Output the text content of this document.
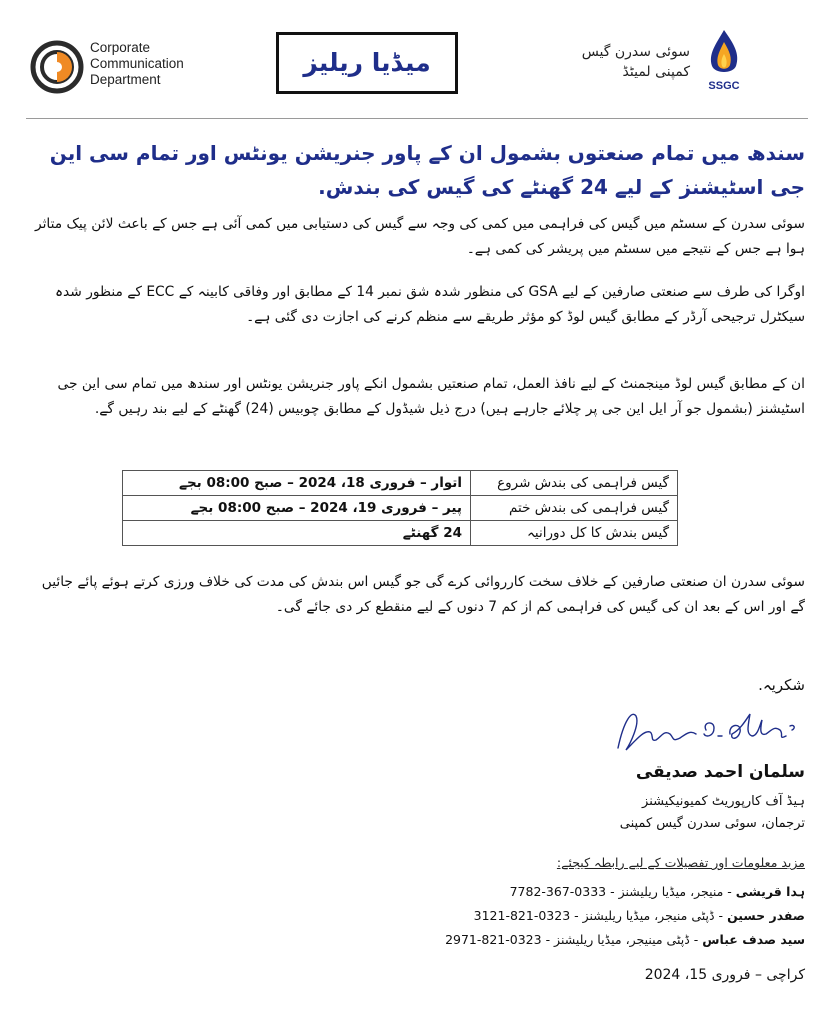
Corporate
Communication
Department
میڈیا ریلیز	سوئی سدرن گیس
کمپنی لمیٹڈ
SSGC
سندھ میں تمام صنعتوں بشمول ان کے پاور جنریشن یونٹس اور تمام سی این جی اسٹیشنز کے لیے 24 گھنٹے کی گیس کی بندش.
سوئی سدرن کے سسٹم میں گیس کی فراہمی میں کمی کی وجہ سے گیس کی دستیابی میں کمی آئی ہے جس کے باعث لائن پیک متاثر ہوا ہے جس کے نتیجے میں سسٹم میں پریشر کی کمی ہے۔
اوگرا کی طرف سے صنعتی صارفین کے لیے GSA کی منظور شدہ شق نمبر 14 کے مطابق اور وفاقی کابینہ کے ECC کے منظور شدہ سیکٹرل ترجیحی آرڈر کے مطابق گیس لوڈ کو مؤثر طریقے سے منظم کرنے کی اجازت دی گئی ہے۔
ان کے مطابق گیس لوڈ مینجمنٹ کے لیے نافذ العمل، تمام صنعتیں بشمول انکے پاور جنریشن یونٹس اور سندھ میں تمام سی این جی اسٹیشنز (بشمول جو آر ایل این جی پر چلائے جارہے ہیں) درج ذیل شیڈول کے مطابق چوبیس (24) گھنٹے کے لیے بند رہیں گے.
گیس فراہمی کی بندش شروع	اتوار – فروری 18، 2024 – صبح 08:00 بجے
گیس فراہمی کی بندش ختم	پیر – فروری 19، 2024 – صبح 08:00 بجے
گیس بندش کا کل دورانیہ	24 گھنٹے
سوئی سدرن ان صنعتی صارفین کے خلاف سخت کارروائی کرے گی جو گیس اس بندش کی مدت کی خلاف ورزی کرتے ہوئے پائے جائیں گے اور اس کے بعد ان کی گیس کی فراہمی کم از کم 7 دنوں کے لیے منقطع کر دی جائے گی۔
شکریہ.
سلمان احمد صدیقی
ہیڈ آف کارپوریٹ کمیونیکیشنز
ترجمان، سوئی سدرن گیس کمپنی
مزید معلومات اور تفصیلات کے لیے رابطہ کیجئے:
ہدا قریشی - منیجر، میڈیا ریلیشنز - 0333-367-7782
صفدر حسین - ڈپٹی منیجر، میڈیا ریلیشنز - 0323-821-3121
سید صدف عباس - ڈپٹی مینیجر، میڈیا ریلیشنز - 0323-821-2971
کراچی – فروری 15، 2024
